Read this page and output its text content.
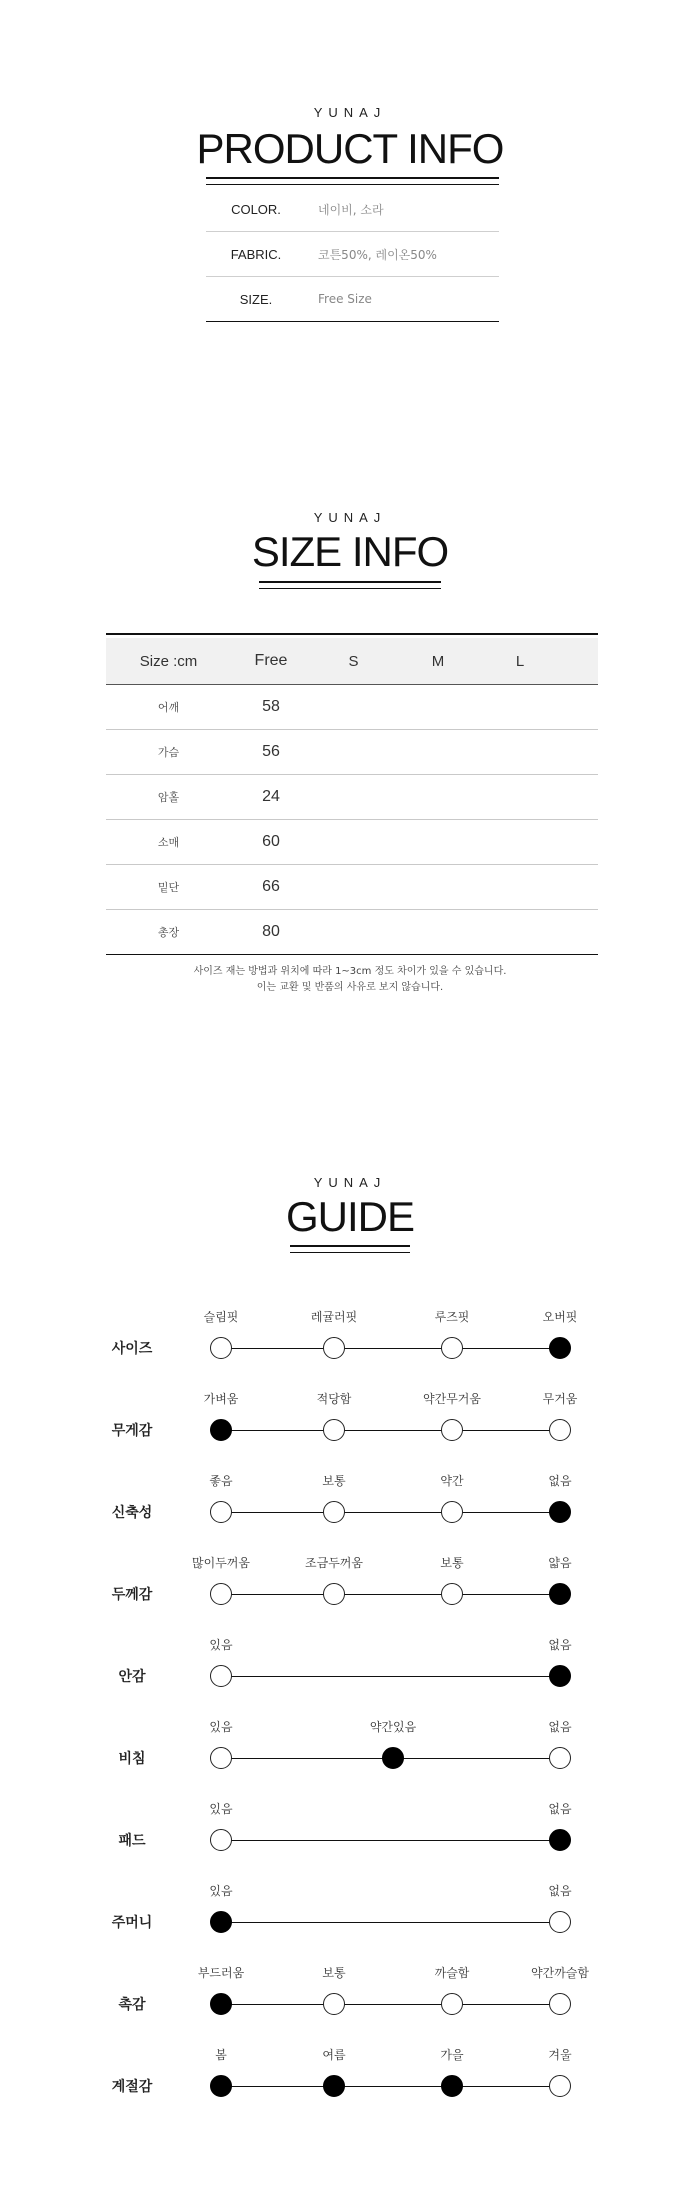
YUNAJ
PRODUCT INFO
COLOR.	네이비, 소라
FABRIC.	코튼50%, 레이온50%
SIZE.	Free Size
YUNAJ
SIZE INFO
Size :cm	Free	S	M	L
어깨	58
가슴	56
암홀	24
소매	60
밑단	66
총장	80
사이즈 재는 방법과 위치에 따라 1~3cm 정도 차이가 있을 수 있습니다.
이는 교환 및 반품의 사유로 보지 않습니다.
YUNAJ
GUIDE
사이즈
슬림핏	레귤러핏	루즈핏	오버핏
무게감
가벼움	적당함	약간무거움	무거움
신축성
좋음	보통	약간	없음
두께감
많이두꺼움	조금두꺼움	보통	얇음
안감
있음	없음
비침
있음	약간있음	없음
패드
있음	없음
주머니
있음	없음
촉감
부드러움	보통	까슬함	약간까슬함
계절감
봄	여름	가을	겨울
